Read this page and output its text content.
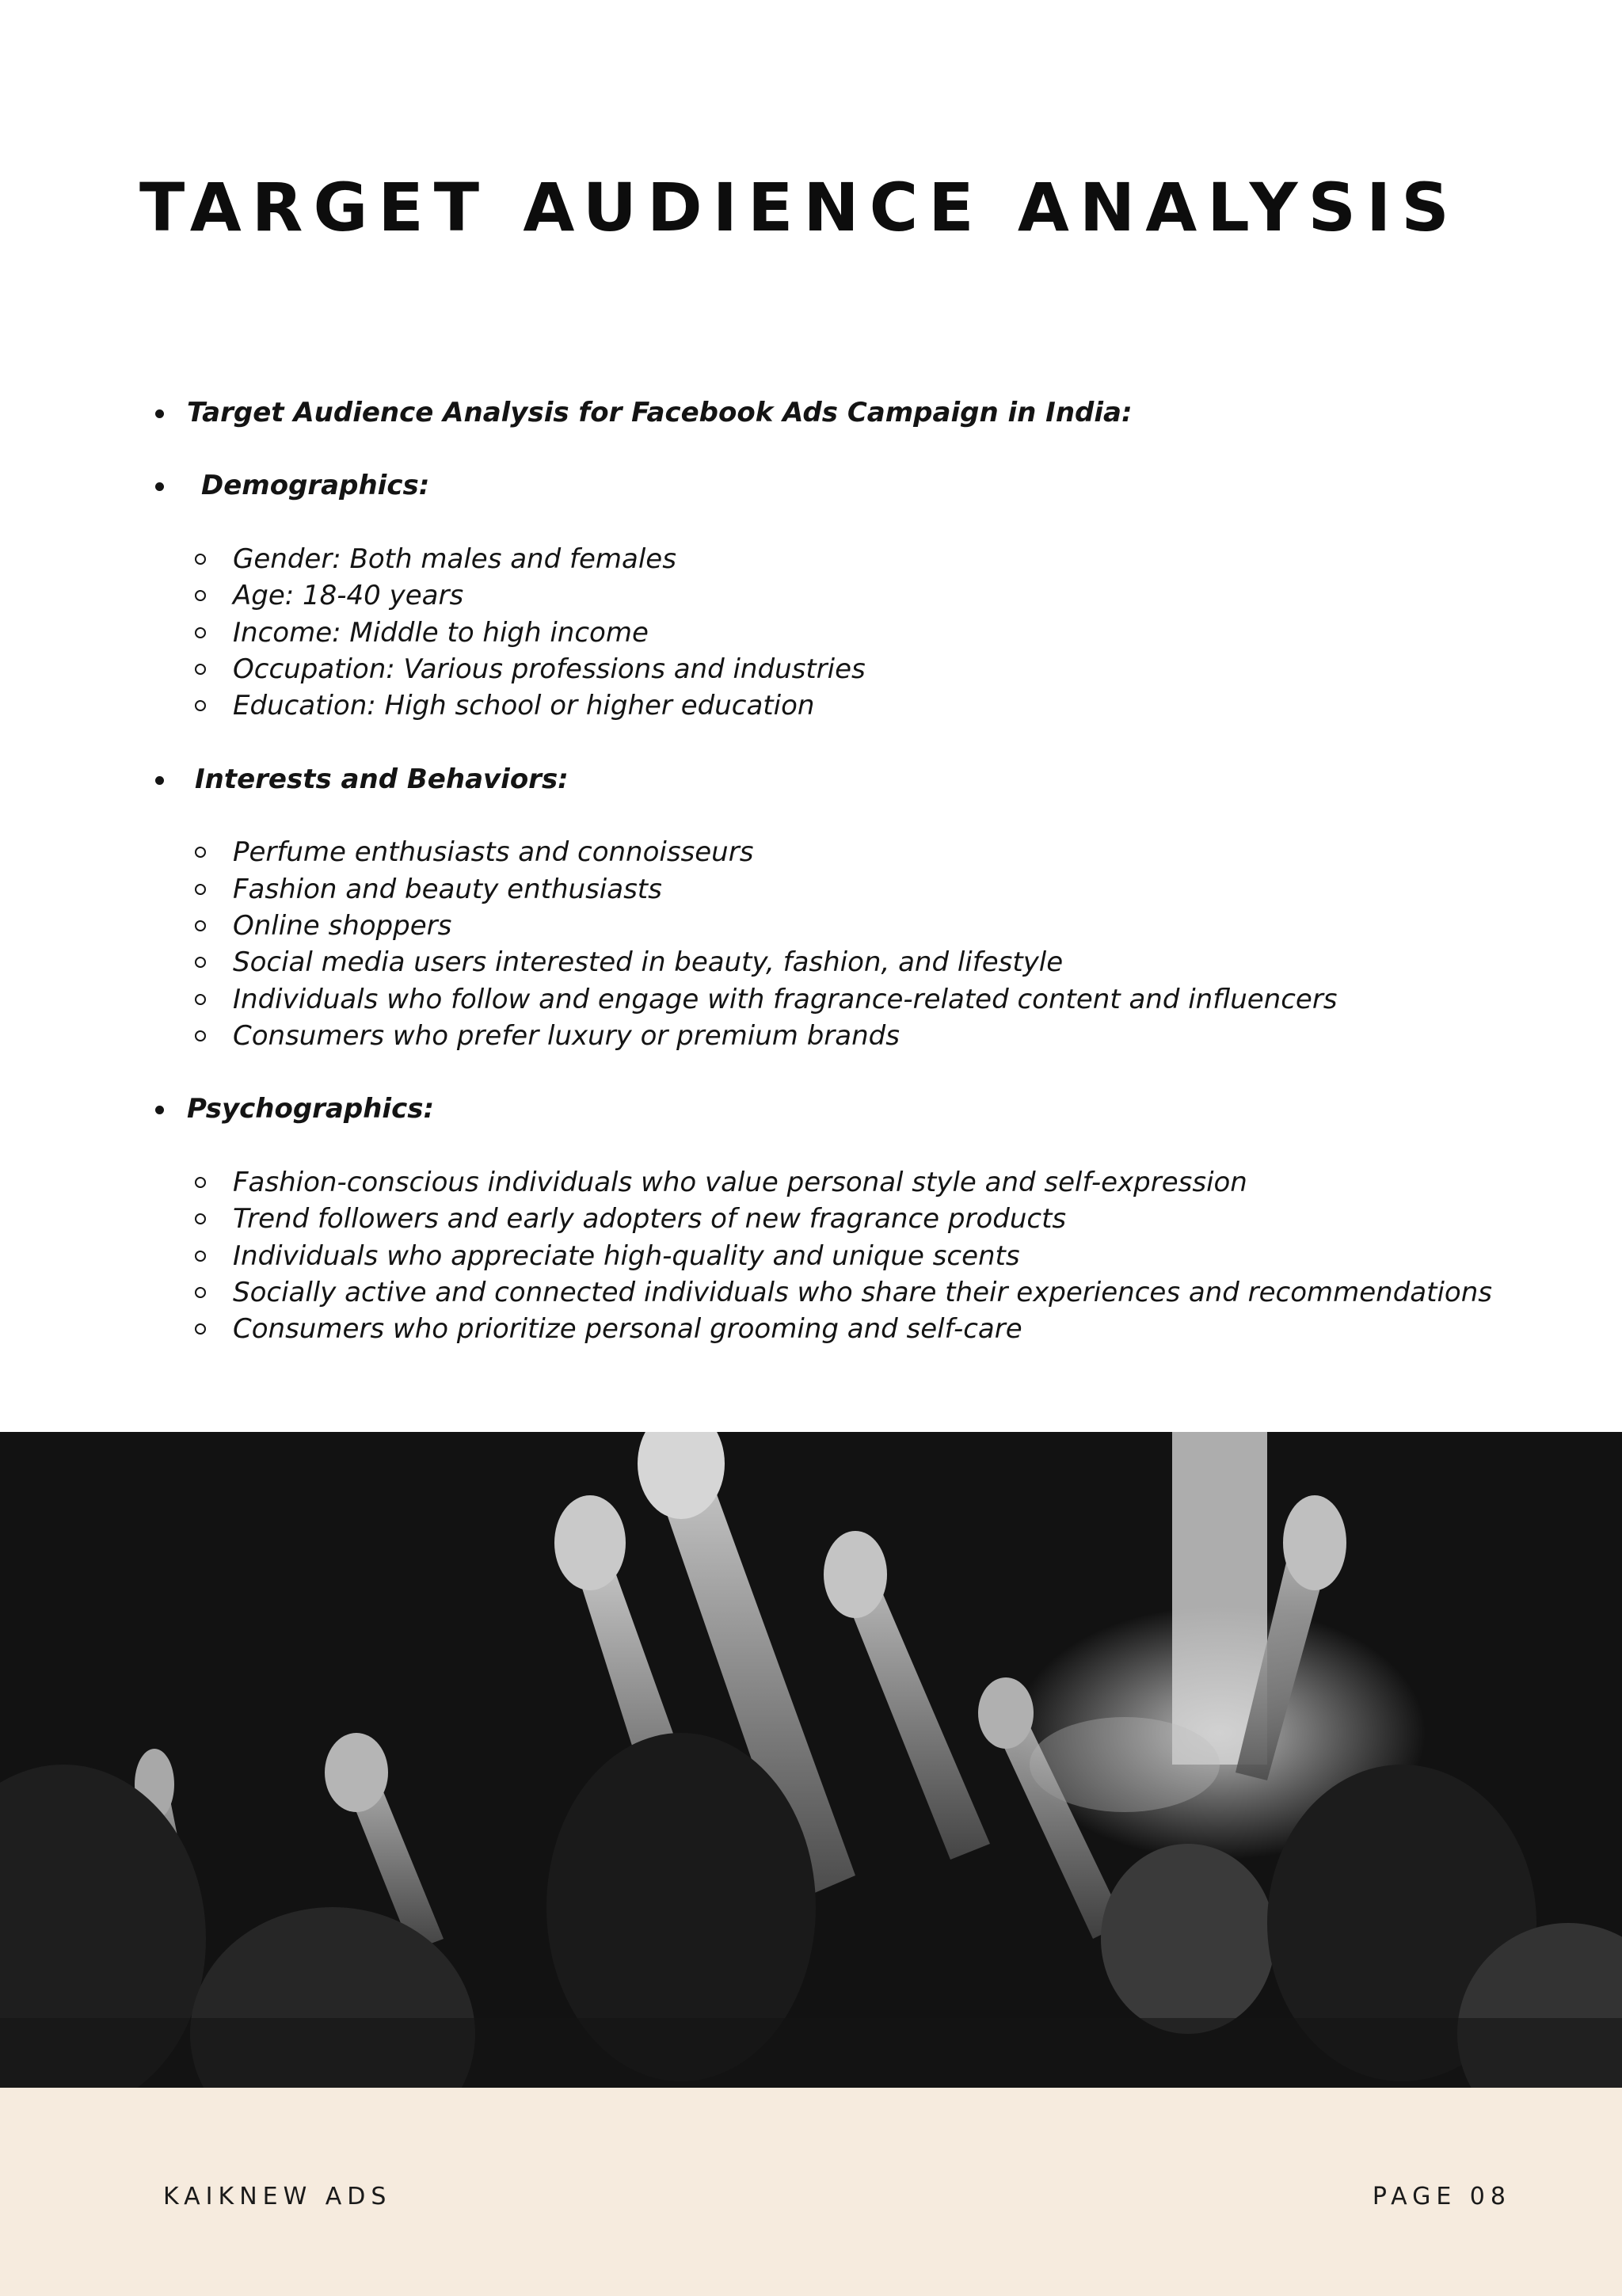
TARGET AUDIENCE ANALYSIS
Target Audience Analysis for Facebook Ads Campaign in India:
Demographics:
Gender: Both males and females
Age: 18-40 years
Income: Middle to high income
Occupation: Various professions and industries
Education: High school or higher education
Interests and Behaviors:
Perfume enthusiasts and connoisseurs
Fashion and beauty enthusiasts
Online shoppers
Social media users interested in beauty, fashion, and lifestyle
Individuals who follow and engage with fragrance-related content and influencers
Consumers who prefer luxury or premium brands
Psychographics:
Fashion-conscious individuals who value personal style and self-expression
Trend followers and early adopters of new fragrance products
Individuals who appreciate high-quality and unique scents
Socially active and connected individuals who share their experiences and recommendations
Consumers who prioritize personal grooming and self-care
KAIKNEW ADS	PAGE 08
